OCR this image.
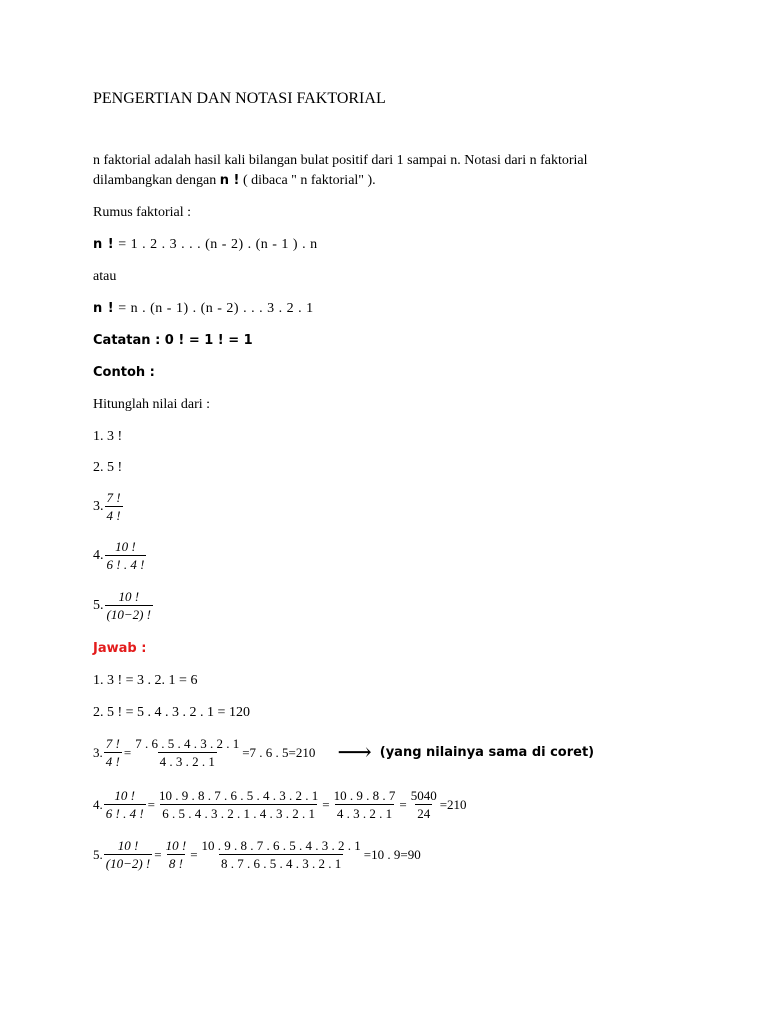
PENGERTIAN DAN NOTASI FAKTORIAL
n faktorial adalah hasil kali bilangan bulat positif dari 1 sampai n. Notasi dari n faktorial
dilambangkan dengan n ! ( dibaca " n faktorial" ).
Rumus faktorial :
n ! = 1 . 2 . 3 . . . (n - 2) . (n - 1 ) . n
atau
n ! = n . (n - 1) . (n - 2) . . . 3 . 2 . 1
Catatan : 0 ! = 1 ! = 1
Contoh :
Hitunglah nilai dari :
1. 3 !
2. 5 !
3. $\frac{7 !}{4 !}$
4. $\frac{10 !}{6 ! . 4 !}$
5. $\frac{10 !}{(10-2) !}$
Jawab :
1. 3 ! = 3 . 2. 1 = 6
2. 5 ! = 5 . 4 . 3 . 2 . 1 = 120
3. $\frac{7 !}{4 !} = \frac{7 . 6 . 5 . 4 . 3 . 2 . 1}{4 . 3 . 2 . 1} =7$ . 6 . 5=210 ⟶ (yang nilainya sama di coret)
4. $\frac{10 !}{6 ! . 4 !} = \frac{10 . 9 . 8 . 7 . 6 . 5 . 4 . 3 . 2 . 1}{6 . 5 . 4 . 3 . 2 . 1 . 4 . 3 . 2 . 1} = \frac{10 . 9 . 8 . 7}{4 . 3 . 2 . 1} = \frac{5040}{24} =210$
5. $\frac{10 !}{(10-2) !} = \frac{10 !}{8 !} = \frac{10 . 9 . 8 . 7 . 6 . 5 . 4 . 3 . 2 . 1}{8 . 7 . 6 . 5 . 4 . 3 . 2 . 1} =10$ . 9=90
